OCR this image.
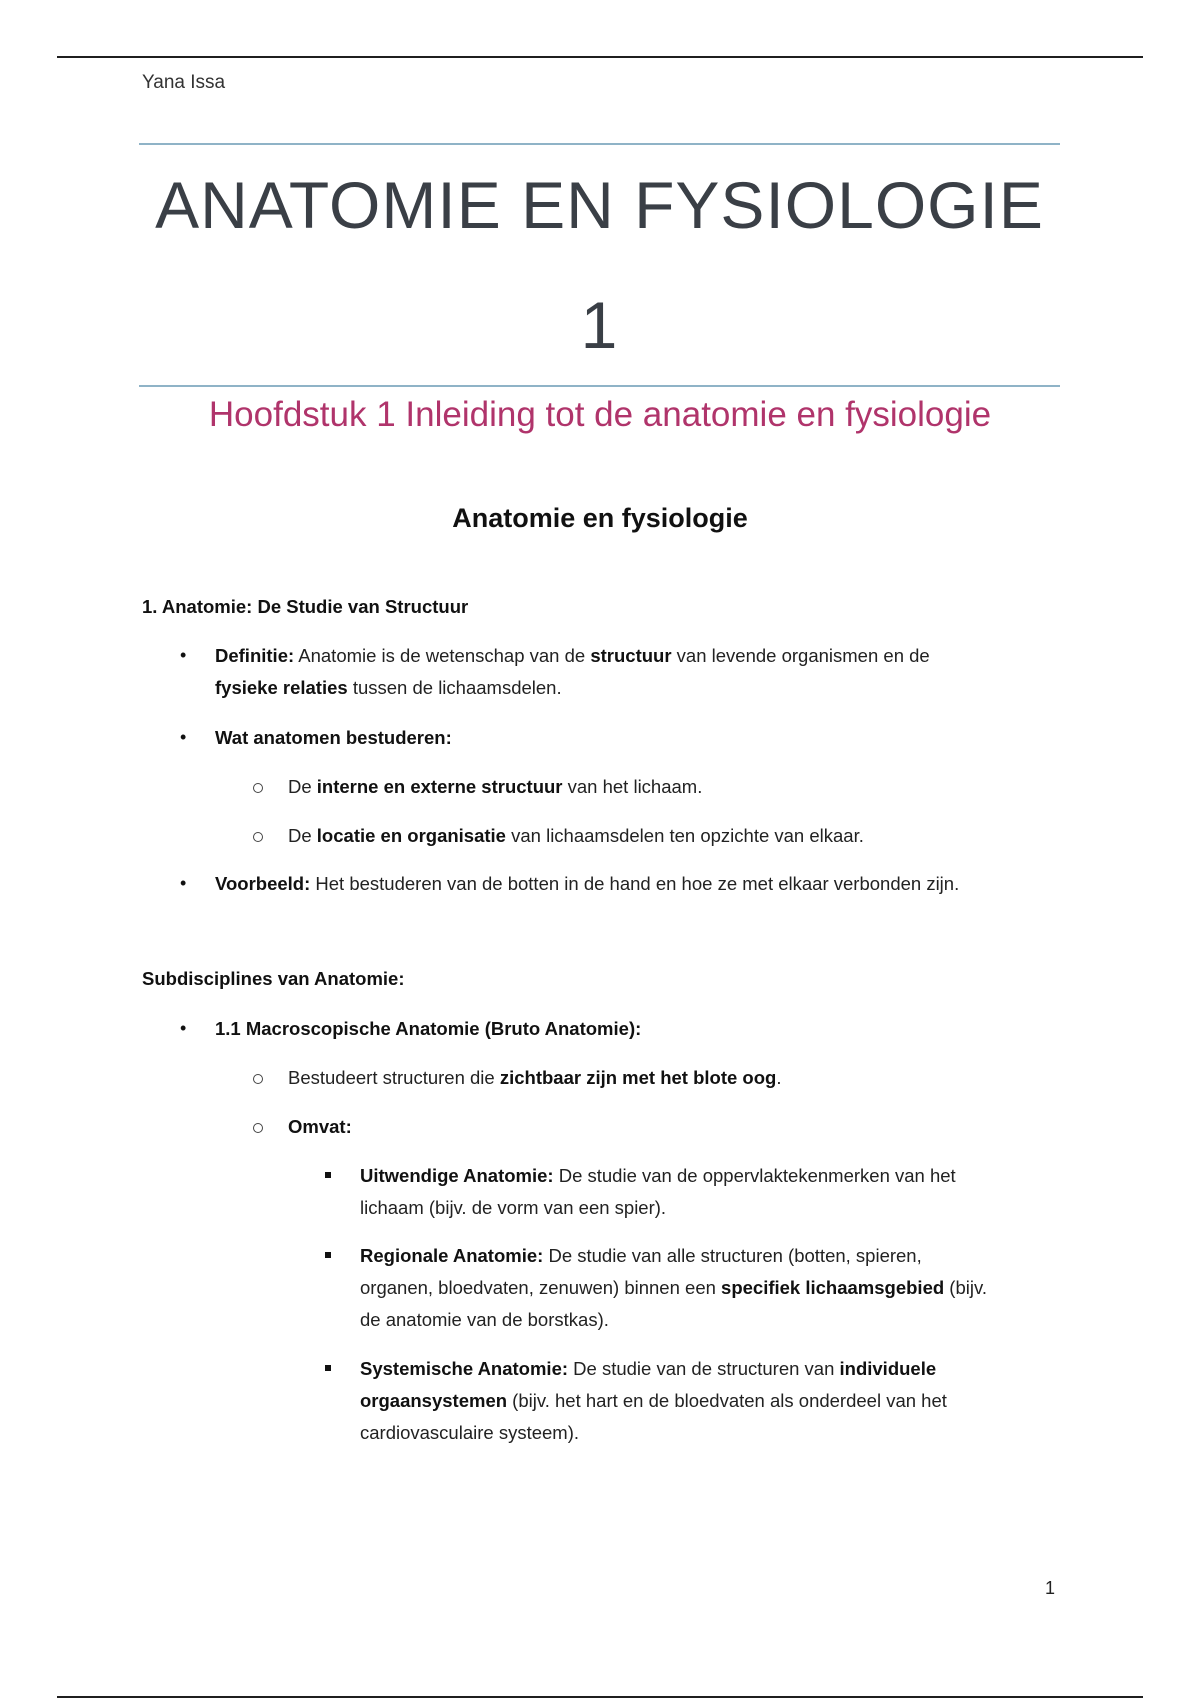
Yana Issa
ANATOMIE EN FYSIOLOGIE
1
Hoofdstuk 1 Inleiding tot de anatomie en fysiologie
Anatomie en fysiologie
1. Anatomie: De Studie van Structuur
• Definitie: Anatomie is de wetenschap van de structuur van levende organismen en de
fysieke relaties tussen de lichaamsdelen.
• Wat anatomen bestuderen:
De interne en externe structuur van het lichaam.
De locatie en organisatie van lichaamsdelen ten opzichte van elkaar.
• Voorbeeld: Het bestuderen van de botten in de hand en hoe ze met elkaar verbonden zijn.
Subdisciplines van Anatomie:
• 1.1 Macroscopische Anatomie (Bruto Anatomie):
Bestudeert structuren die zichtbaar zijn met het blote oog.
Omvat:
Uitwendige Anatomie: De studie van de oppervlaktekenmerken van het
lichaam (bijv. de vorm van een spier).
Regionale Anatomie: De studie van alle structuren (botten, spieren,
organen, bloedvaten, zenuwen) binnen een specifiek lichaamsgebied (bijv.
de anatomie van de borstkas).
Systemische Anatomie: De studie van de structuren van individuele
orgaansystemen (bijv. het hart en de bloedvaten als onderdeel van het
cardiovasculaire systeem).
1
